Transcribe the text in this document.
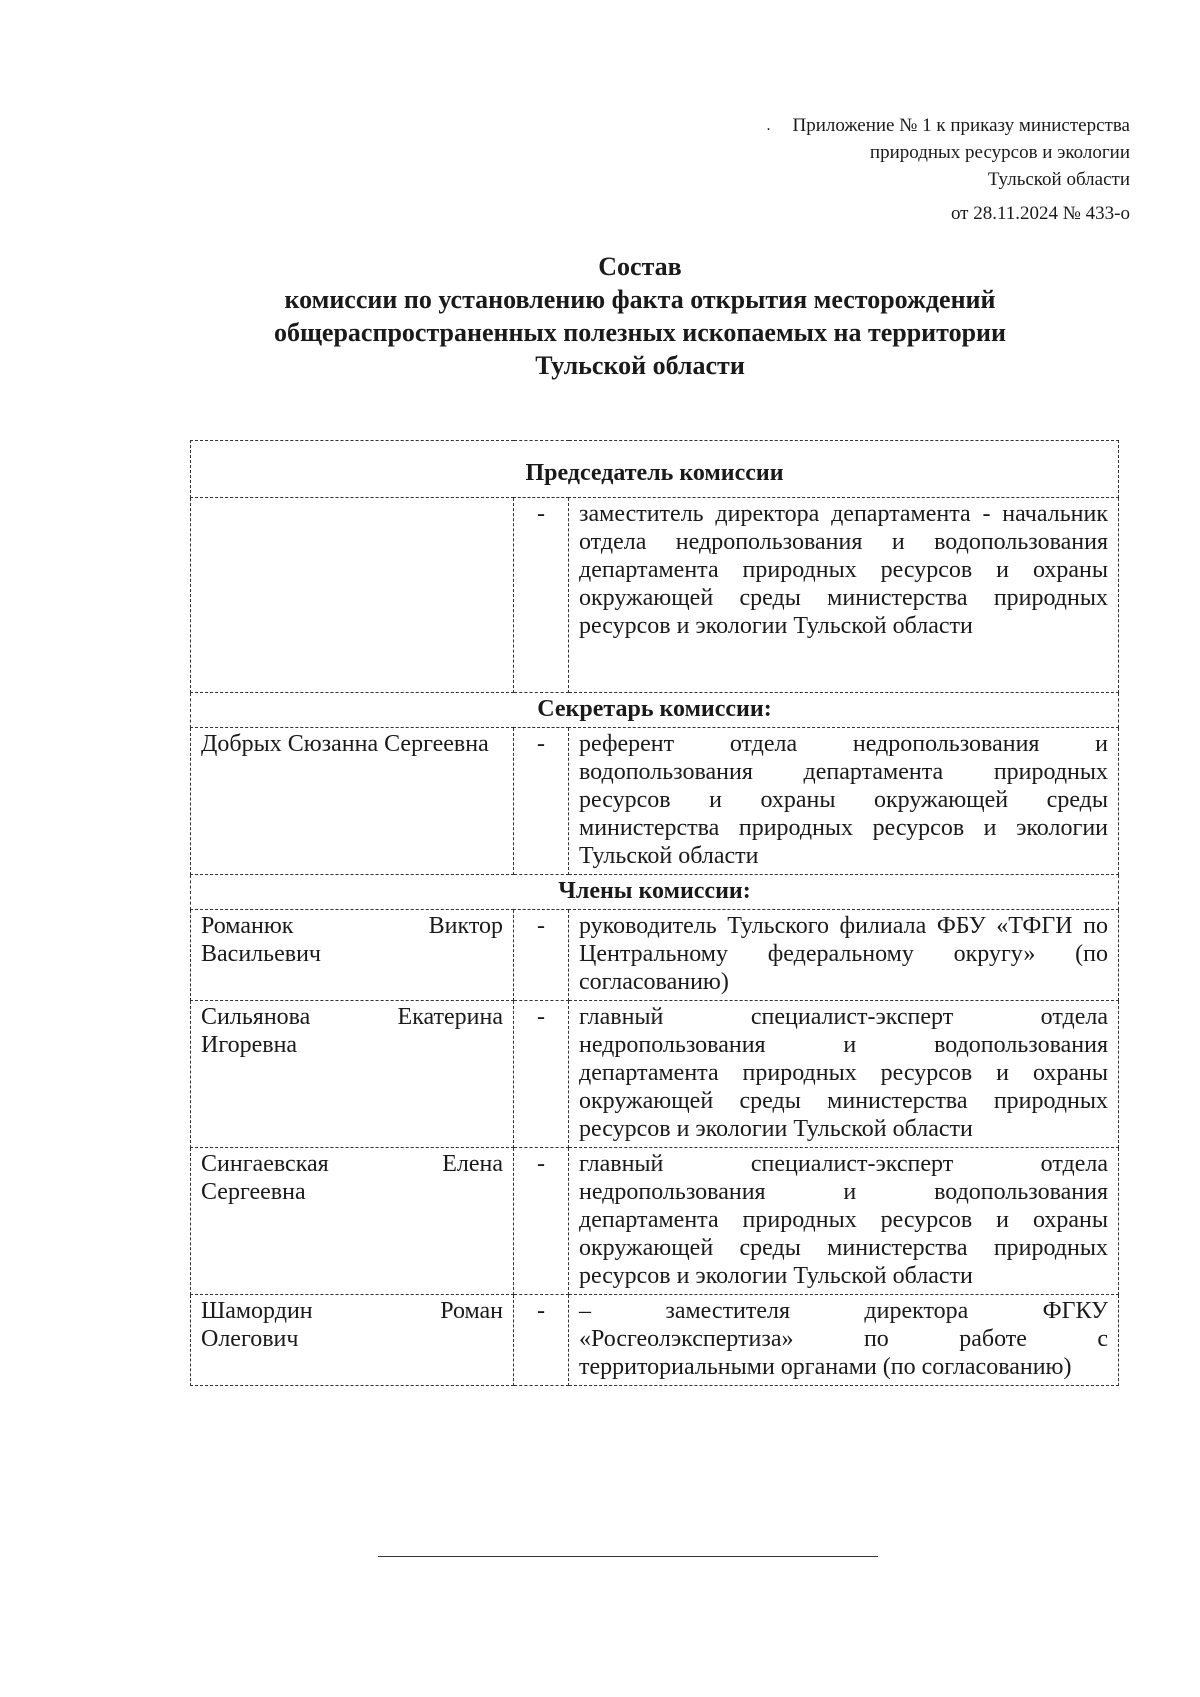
. Приложение № 1 к приказу министерства
природных ресурсов и экологии
Тульской области
от 28.11.2024 № 433-о
Состав
комиссии по установлению факта открытия месторождений
общераспространенных полезных ископаемых на территории
Тульской области
Председатель комиссии		
	-	заместитель директора департамента - начальник отдела недропользования и водопользования департамента природных ресурсов и охраны окружающей среды министерства природных ресурсов и экологии Тульской области
Секретарь комиссии:		
Добрых Сюзанна Сергеевна	-	референт отдела недропользования и водопользования департамента природных ресурсов и охраны окружающей среды министерства природных ресурсов и экологии Тульской области
Члены комиссии:		

Романюк Виктор
Васильевич	-	руководитель Тульского филиала ФБУ «ТФГИ по Центральному федеральному округу» (по согласованию)

Сильянова Екатерина
Игоревна	-	главный специалист-эксперт отдела недропользования и водопользования департамента природных ресурсов и охраны окружающей среды министерства природных ресурсов и экологии Тульской области

Сингаевская Елена
Сергеевна	-	главный специалист-эксперт отдела недропользования и водопользования департамента природных ресурсов и охраны окружающей среды министерства природных ресурсов и экологии Тульской области

Шамордин Роман
Олегович	-	– заместителя директора ФГКУ «Росгеолэкспертиза» по работе с территориальными органами (по согласованию)
